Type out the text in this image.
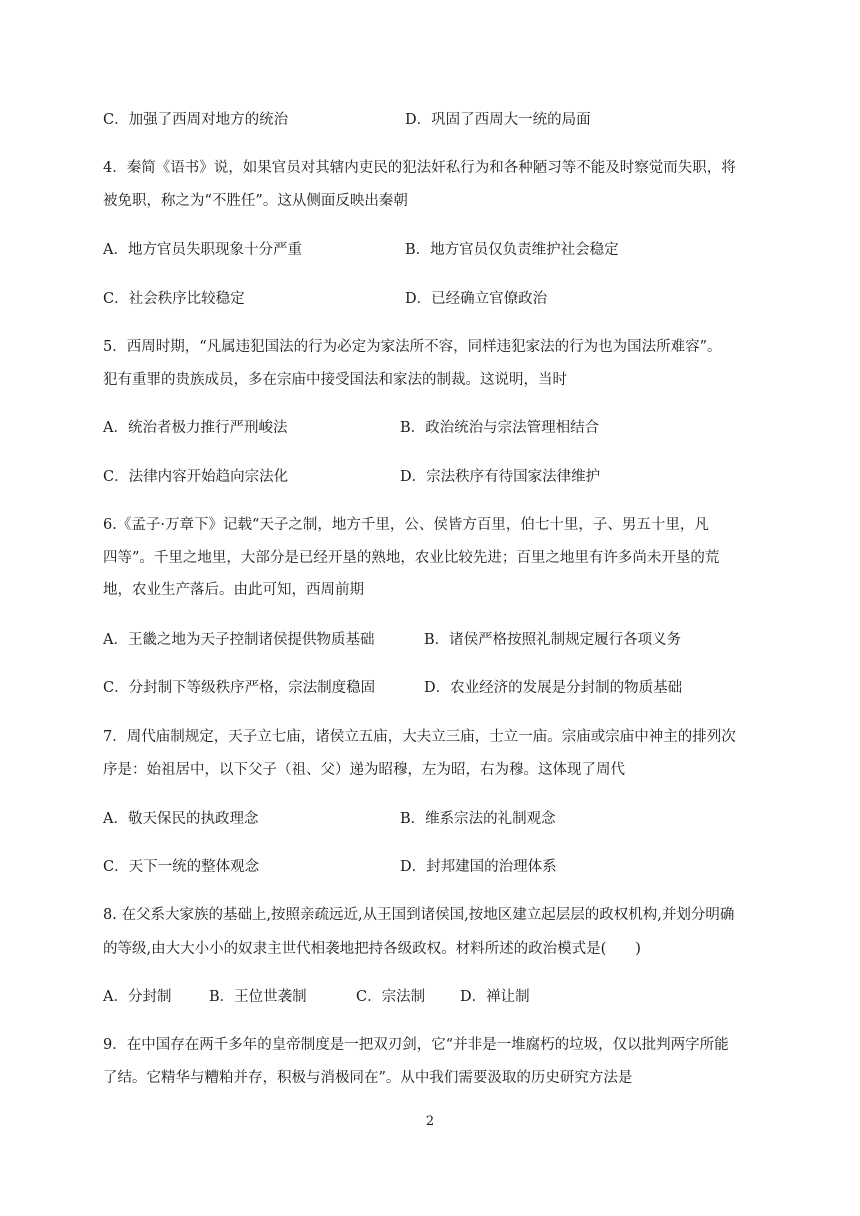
C．加强了西周对地方的统治	D．巩固了西周大一统的局面
4．秦简《语书》说，如果官员对其辖内吏民的犯法奸私行为和各种陋习等不能及时察觉而失职，将
被免职，称之为“不胜任”。这从侧面反映出秦朝
A．地方官员失职现象十分严重	B．地方官员仅负责维护社会稳定
C．社会秩序比较稳定	D．已经确立官僚政治
5．西周时期，“凡属违犯国法的行为必定为家法所不容，同样违犯家法的行为也为国法所难容”。
犯有重罪的贵族成员，多在宗庙中接受国法和家法的制裁。这说明，当时
A．统治者极力推行严刑峻法	B．政治统治与宗法管理相结合
C．法律内容开始趋向宗法化	D．宗法秩序有待国家法律维护
6.《孟子·万章下》记载“天子之制，地方千里，公、侯皆方百里，伯七十里，子、男五十里，凡
四等”。千里之地里，大部分是已经开垦的熟地，农业比较先进；百里之地里有许多尚未开垦的荒
地，农业生产落后。由此可知，西周前期
A．王畿之地为天子控制诸侯提供物质基础	B．诸侯严格按照礼制规定履行各项义务
C．分封制下等级秩序严格，宗法制度稳固	D．农业经济的发展是分封制的物质基础
7．周代庙制规定，天子立七庙，诸侯立五庙，大夫立三庙，士立一庙。宗庙或宗庙中神主的排列次
序是：始祖居中，以下父子（祖、父）递为昭穆，左为昭，右为穆。这体现了周代
A．敬天保民的执政理念	B．维系宗法的礼制观念
C．天下一统的整体观念	D．封邦建国的治理体系
8. 在父系大家族的基础上,按照亲疏远近,从王国到诸侯国,按地区建立起层层的政权机构,并划分明确
的等级,由大大小小的奴隶主世代相袭地把持各级政权。材料所述的政治模式是(　　)
A．分封制	B．王位世袭制	C．宗法制 D．禅让制
9．在中国存在两千多年的皇帝制度是一把双刃剑，它“并非是一堆腐朽的垃圾，仅以批判两字所能
了结。它精华与糟粕并存，积极与消极同在”。从中我们需要汲取的历史研究方法是
2
